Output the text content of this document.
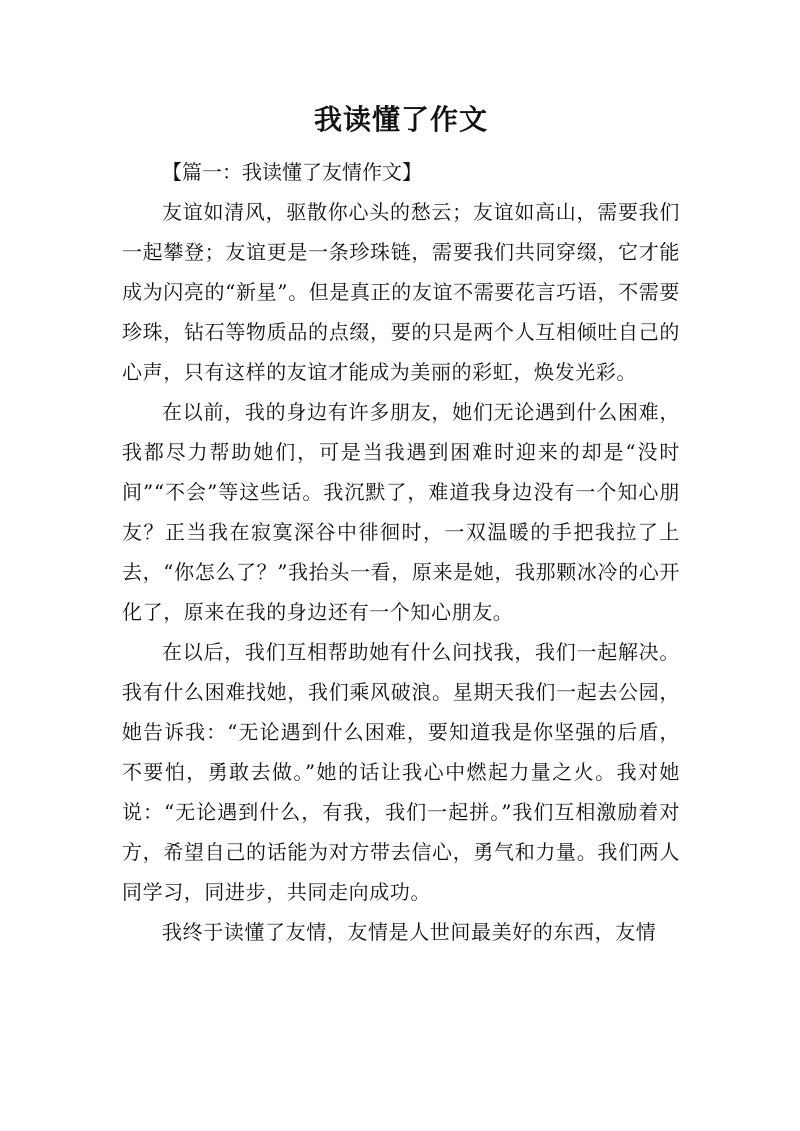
我读懂了作文

【篇一：我读懂了友情作文】

友谊如清风，驱散你心头的愁云；友谊如高山，需要我们一起攀登；友谊更是一条珍珠链，需要我们共同穿缀，它才能成为闪亮的“新星”。但是真正的友谊不需要花言巧语，不需要珍珠，钻石等物质品的点缀，要的只是两个人互相倾吐自己的心声，只有这样的友谊才能成为美丽的彩虹，焕发光彩。

在以前，我的身边有许多朋友，她们无论遇到什么困难，我都尽力帮助她们，可是当我遇到困难时迎来的却是“没时间”“不会”等这些话。我沉默了，难道我身边没有一个知心朋友？正当我在寂寞深谷中徘徊时，一双温暖的手把我拉了上去，“你怎么了？”我抬头一看，原来是她，我那颗冰冷的心开化了，原来在我的身边还有一个知心朋友。

在以后，我们互相帮助她有什么问找我，我们一起解决。我有什么困难找她，我们乘风破浪。星期天我们一起去公园，她告诉我：“无论遇到什么困难，要知道我是你坚强的后盾，不要怕，勇敢去做。”她的话让我心中燃起力量之火。我对她说：“无论遇到什么，有我，我们一起拼。”我们互相激励着对方，希望自己的话能为对方带去信心，勇气和力量。我们两人同学习，同进步，共同走向成功。

我终于读懂了友情，友情是人世间最美好的东西，友情
